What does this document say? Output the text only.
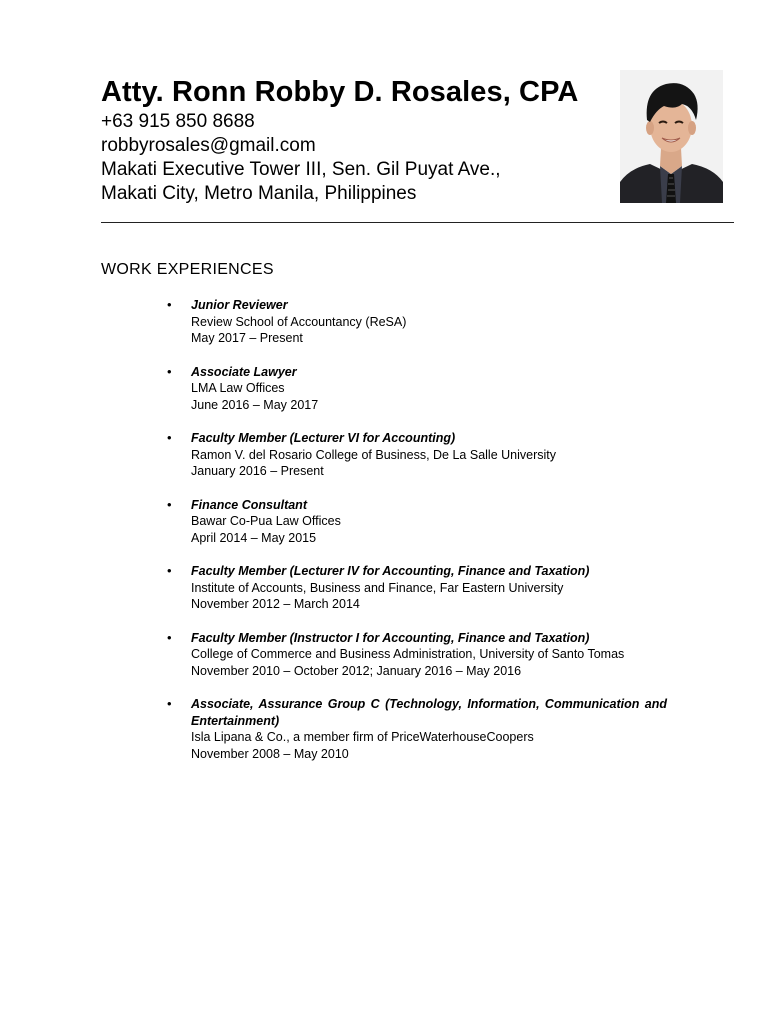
Atty. Ronn Robby D. Rosales, CPA

+63 915 850 8688

robbyrosales@gmail.com

Makati Executive Tower III, Sen. Gil Puyat Ave.,

Makati City, Metro Manila, Philippines

WORK EXPERIENCES
• Junior Reviewer
Review School of Accountancy (ReSA)
May 2017 – Present
• Associate Lawyer
LMA Law Offices
June 2016 – May 2017
• Faculty Member (Lecturer VI for Accounting)
Ramon V. del Rosario College of Business, De La Salle University
January 2016 – Present
• Finance Consultant
Bawar Co-Pua Law Offices
April 2014 – May 2015
• Faculty Member (Lecturer IV for Accounting, Finance and Taxation)
Institute of Accounts, Business and Finance, Far Eastern University
November 2012 – March 2014
• Faculty Member (Instructor I for Accounting, Finance and Taxation)
College of Commerce and Business Administration, University of Santo Tomas
November 2010 – October 2012; January 2016 – May 2016
• Associate, Assurance Group C (Technology, Information, Communication and Entertainment)
Isla Lipana & Co., a member firm of PriceWaterhouseCoopers
November 2008 – May 2010
